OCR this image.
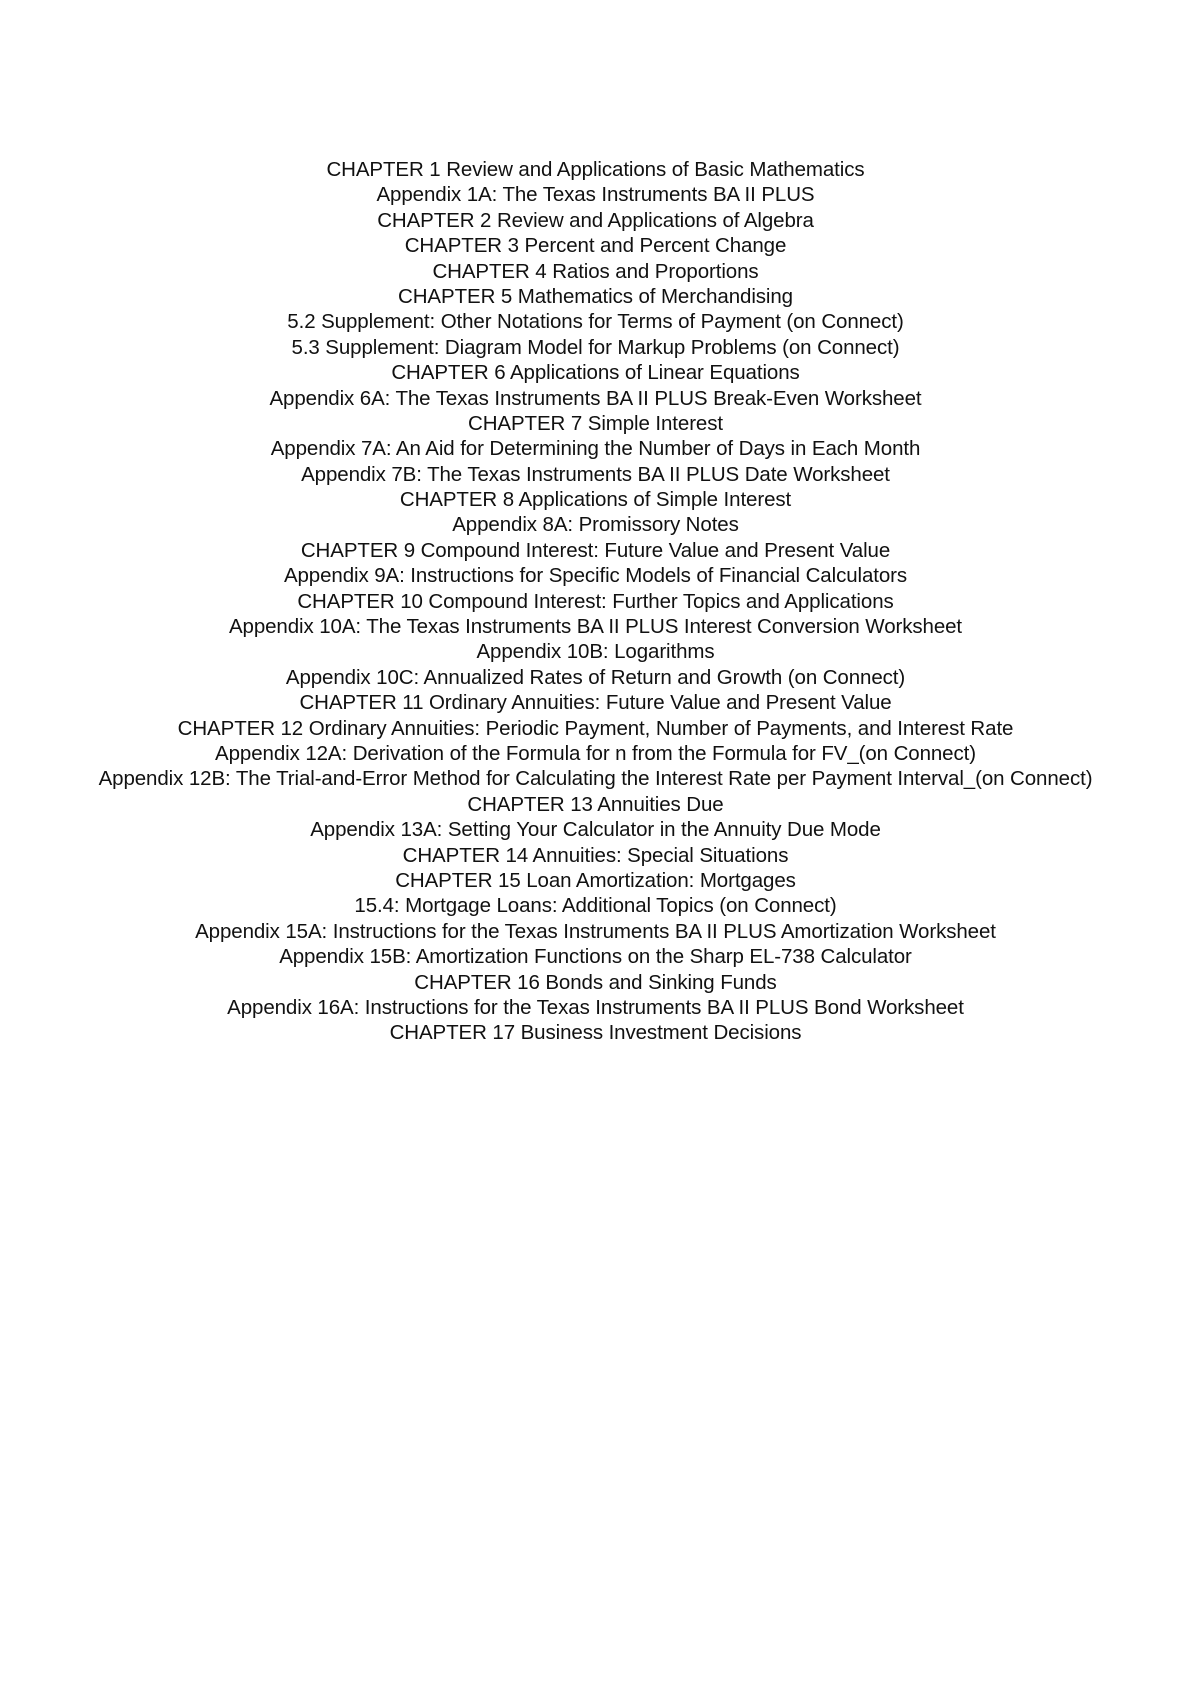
CHAPTER 1 Review and Applications of Basic Mathematics
Appendix 1A: The Texas Instruments BA II PLUS
CHAPTER 2 Review and Applications of Algebra
CHAPTER 3 Percent and Percent Change
CHAPTER 4 Ratios and Proportions
CHAPTER 5 Mathematics of Merchandising
5.2 Supplement: Other Notations for Terms of Payment (on Connect)
5.3 Supplement: Diagram Model for Markup Problems (on Connect)
CHAPTER 6 Applications of Linear Equations
Appendix 6A: The Texas Instruments BA II PLUS Break-Even Worksheet
CHAPTER 7 Simple Interest
Appendix 7A: An Aid for Determining the Number of Days in Each Month
Appendix 7B: The Texas Instruments BA II PLUS Date Worksheet
CHAPTER 8 Applications of Simple Interest
Appendix 8A: Promissory Notes
CHAPTER 9 Compound Interest: Future Value and Present Value
Appendix 9A: Instructions for Specific Models of Financial Calculators
CHAPTER 10 Compound Interest: Further Topics and Applications
Appendix 10A: The Texas Instruments BA II PLUS Interest Conversion Worksheet
Appendix 10B: Logarithms
Appendix 10C: Annualized Rates of Return and Growth (on Connect)
CHAPTER 11 Ordinary Annuities: Future Value and Present Value
CHAPTER 12 Ordinary Annuities: Periodic Payment, Number of Payments, and Interest Rate
Appendix 12A: Derivation of the Formula for n from the Formula for FV_(on Connect)
Appendix 12B: The Trial-and-Error Method for Calculating the Interest Rate per Payment Interval_(on Connect)
CHAPTER 13 Annuities Due
Appendix 13A: Setting Your Calculator in the Annuity Due Mode
CHAPTER 14 Annuities: Special Situations
CHAPTER 15 Loan Amortization: Mortgages
15.4: Mortgage Loans: Additional Topics (on Connect)
Appendix 15A: Instructions for the Texas Instruments BA II PLUS Amortization Worksheet
Appendix 15B: Amortization Functions on the Sharp EL-738 Calculator
CHAPTER 16 Bonds and Sinking Funds
Appendix 16A: Instructions for the Texas Instruments BA II PLUS Bond Worksheet
CHAPTER 17 Business Investment Decisions
